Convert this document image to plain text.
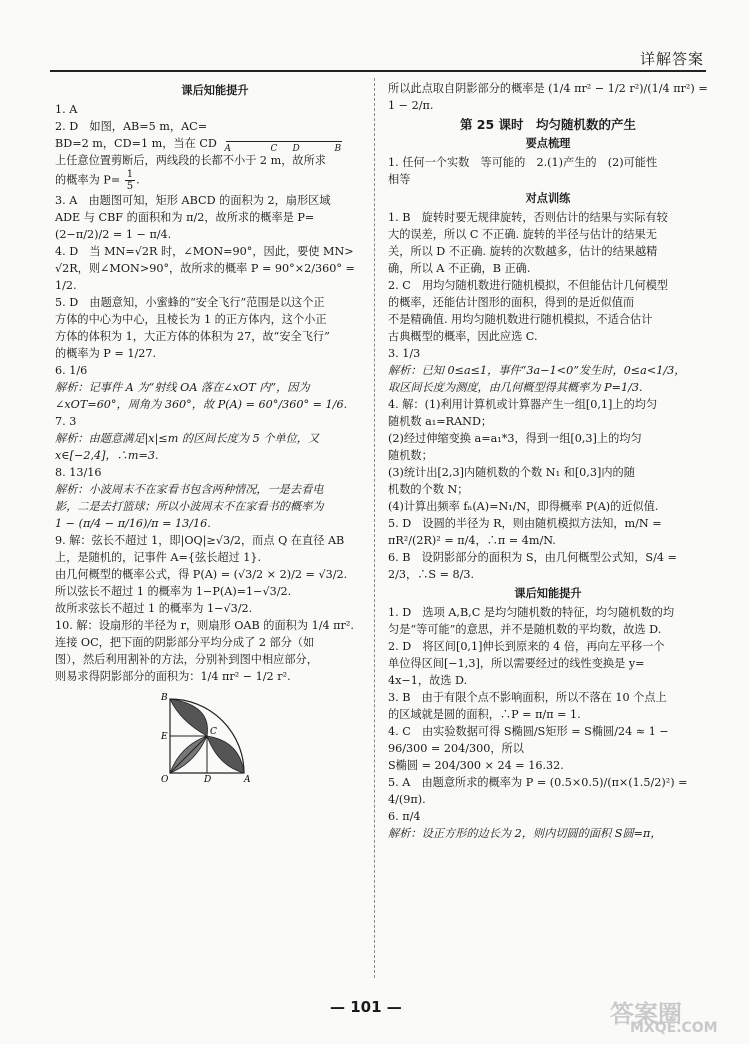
详解答案
课后知能提升

1. A

2. D　如图，AB=5 m，AC=

BD=2 m，CD=1 m，当在 CD A	C D	B

上任意位置剪断后，两线段的长都不小于 2 m，故所求

的概率为 $P= \frac{1}{5}$ .

3. A　由题图可知，矩形 ABCD 的面积为 2，扇形区域

ADE 与 CBF 的面积和为 π/2，故所求的概率是 P=

(2−π/2)/2 = 1 − π/4.

4. D　当 MN=√2R 时，∠MON=90°，因此，要使 MN>

√2R，则∠MON>90°，故所求的概率 P = 90°×2/360° = 1/2.

5. D　由题意知，小蜜蜂的“安全飞行”范围是以这个正

方体的中心为中心，且棱长为 1 的正方体内，这个小正

方体的体积为 1，大正方体的体积为 27，故“安全飞行”

的概率为 P = 1/27.

6. 1/6

解析：记事件 A 为“射线 OA 落在∠xOT 内”，因为

∠xOT=60°，周角为 360°，故 P(A) = 60°/360° = 1/6.

7. 3

解析：由题意满足|x|≤m 的区间长度为 5 个单位，又

x∈[−2,4]，∴m=3.

8. 13/16

解析：小波周末不在家看书包含两种情况，一是去看电

影，二是去打篮球；所以小波周末不在家看书的概率为

1 − (π/4 − π/16)/π = 13/16.

9. 解：弦长不超过 1，即|OQ|≥√3/2，而点 Q 在直径 AB

上，是随机的，记事件 A={弦长超过 1}.

由几何概型的概率公式，得 P(A) = (√3/2 × 2)/2 = √3/2.

所以弦长不超过 1 的概率为 1−P(A)=1−√3/2.

故所求弦长不超过 1 的概率为 1−√3/2.

10. 解：设扇形的半径为 r，则扇形 OAB 的面积为 1/4 πr².

连接 OC，把下面的阴影部分平均分成了 2 部分（如

图），然后利用割补的方法，分别补到图中相应部分，

则易求得阴影部分的面积为：1/4 πr² − 1/2 r².

B
E	C
O	D	A

所以此点取自阴影部分的概率是 (1/4 πr² − 1/2 r²)/(1/4 πr²) = 1 − 2/π.

第 25 课时　均匀随机数的产生
要点梳理

1. 任何一个实数　等可能的　2.(1)产生的　(2)可能性

相等

对点训练

1. B　旋转时要无规律旋转，否则估计的结果与实际有较

大的误差，所以 C 不正确. 旋转的半径与估计的结果无

关，所以 D 不正确. 旋转的次数越多，估计的结果越精

确，所以 A 不正确，B 正确.

2. C　用均匀随机数进行随机模拟，不但能估计几何模型

的概率，还能估计图形的面积，得到的是近似值而

不是精确值. 用均匀随机数进行随机模拟，不适合估计

古典概型的概率，因此应选 C.

3. 1/3

解析：已知 0≤a≤1，事件“3a−1<0”发生时，0≤a<1/3，

取区间长度为测度，由几何概型得其概率为 P=1/3.

4. 解：(1)利用计算机或计算器产生一组[0,1]上的均匀

随机数 a₁=RAND；

(2)经过伸缩变换 a=a₁*3，得到一组[0,3]上的均匀

随机数；

(3)统计出[2,3]内随机数的个数 N₁ 和[0,3]内的随

机数的个数 N；

(4)计算出频率 fₙ(A)=N₁/N，即得概率 P(A)的近似值.

5. D　设圆的半径为 R，则由随机模拟方法知，m/N =

πR²/(2R)² = π/4，∴π = 4m/N.

6. B　设阴影部分的面积为 S，由几何概型公式知，S/4 =

2/3，∴S = 8/3.

课后知能提升

1. D　选项 A,B,C 是均匀随机数的特征，均匀随机数的均

匀是“等可能”的意思，并不是随机数的平均数，故选 D.

2. D　将区间[0,1]伸长到原来的 4 倍，再向左平移一个

单位得区间[−1,3]，所以需要经过的线性变换是 y=

4x−1，故选 D.

3. B　由于有限个点不影响面积，所以不落在 10 个点上

的区域就是圆的面积，∴P = π/π = 1.

4. C　由实验数据可得 S椭圆/S矩形 = S椭圆/24 ≈ 1 − 96/300 = 204/300，所以

S椭圆 = 204/300 × 24 = 16.32.

5. A　由题意所求的概率为 P = (0.5×0.5)/(π×(1.5/2)²) = 4/(9π).

6. π/4

解析：设正方形的边长为 2，则内切圆的面积 S圆=π，

— 101 —	答案圈
MXQE.COM
